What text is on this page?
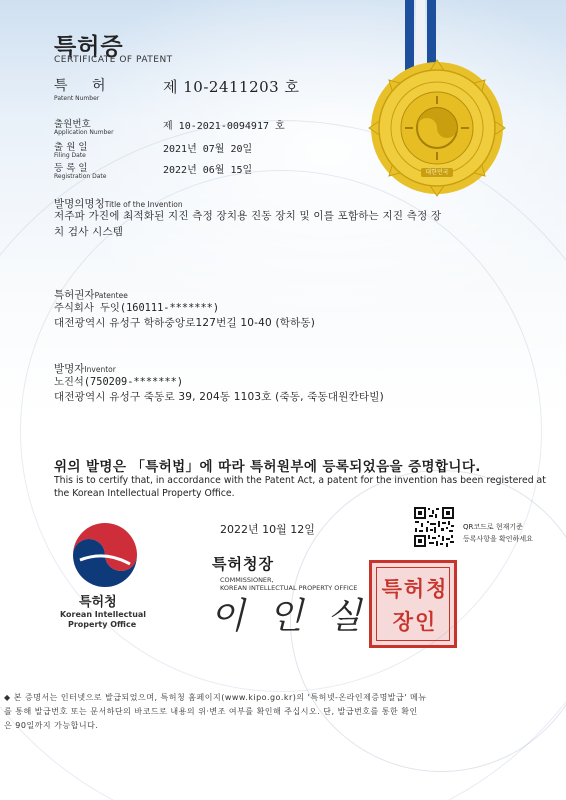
대한민국
특허증
CERTIFICATE OF PATENT
특 허	제 10-2411203 호
Patent Number
출원번호
Application Number
제 10-2021-0094917 호
출 원 일
Filing Date
2021년 07월 20일
등 록 일
Registration Date
2022년 06월 15일
발명의명칭Title of the Invention
저주파 가진에 최적화된 지진 측정 장치용 진동 장치 및 이를 포함하는 지진 측정 장
치 검사 시스템
특허권자Patentee
주식회사 두잇(160111-*******)
대전광역시 유성구 학하중앙로127번길 10-40 (학하동)
발명자Inventor
노진석(750209-*******)
대전광역시 유성구 죽동로 39, 204동 1103호 (죽동, 죽동대원칸타빌)
위의 발명은 「특허법」에 따라 특허원부에 등록되었음을 증명합니다.
This is to certify that, in accordance with the Patent Act, a patent for the invention has been registered at
the Korean Intellectual Property Office.
특허청
Korean Intellectual
Property Office
2022년 10월 12일
특허청장
COMMISSIONER,
KOREAN INTELLECTUAL PROPERTY OFFICE
이 인 실
특허청장인
QR코드로 현재기준
등록사항을 확인하세요
◆ 본 증명서는 인터넷으로 발급되었으며, 특허청 홈페이지(www.kipo.go.kr)의 '특허넷-온라인제증명발급' 메뉴
를 통해 발급번호 또는 문서하단의 바코드로 내용의 위·변조 여부를 확인해 주십시오. 단, 발급번호를 통한 확인
은 90일까지 가능합니다.
